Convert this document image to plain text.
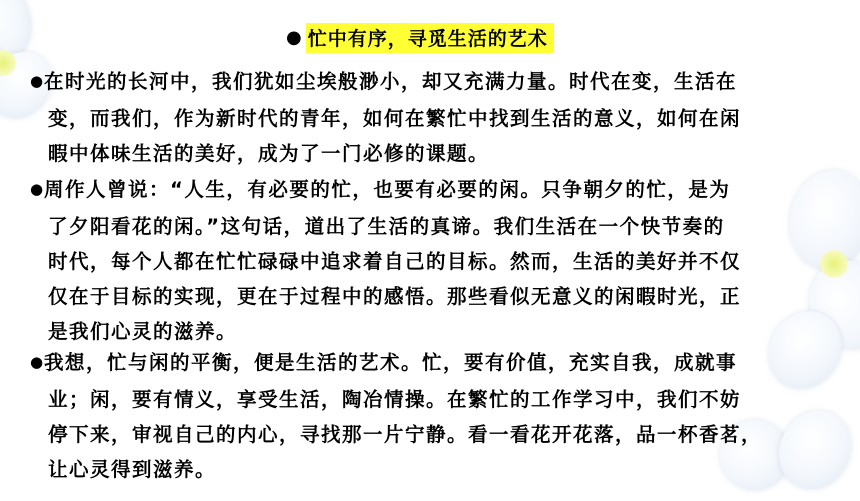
● 忙中有序，寻觅生活的艺术
●在时光的长河中，我们犹如尘埃般渺小，却又充满力量。时代在变，生活在
变，而我们，作为新时代的青年，如何在繁忙中找到生活的意义，如何在闲
暇中体味生活的美好，成为了一门必修的课题。
●周作人曾说：“人生，有必要的忙，也要有必要的闲。只争朝夕的忙，是为
了夕阳看花的闲。”这句话，道出了生活的真谛。我们生活在一个快节奏的
时代，每个人都在忙忙碌碌中追求着自己的目标。然而，生活的美好并不仅
仅在于目标的实现，更在于过程中的感悟。那些看似无意义的闲暇时光，正
是我们心灵的滋养。
●我想，忙与闲的平衡，便是生活的艺术。忙，要有价值，充实自我，成就事
业；闲，要有情义，享受生活，陶冶情操。在繁忙的工作学习中，我们不妨
停下来，审视自己的内心，寻找那一片宁静。看一看花开花落，品一杯香茗，
让心灵得到滋养。
